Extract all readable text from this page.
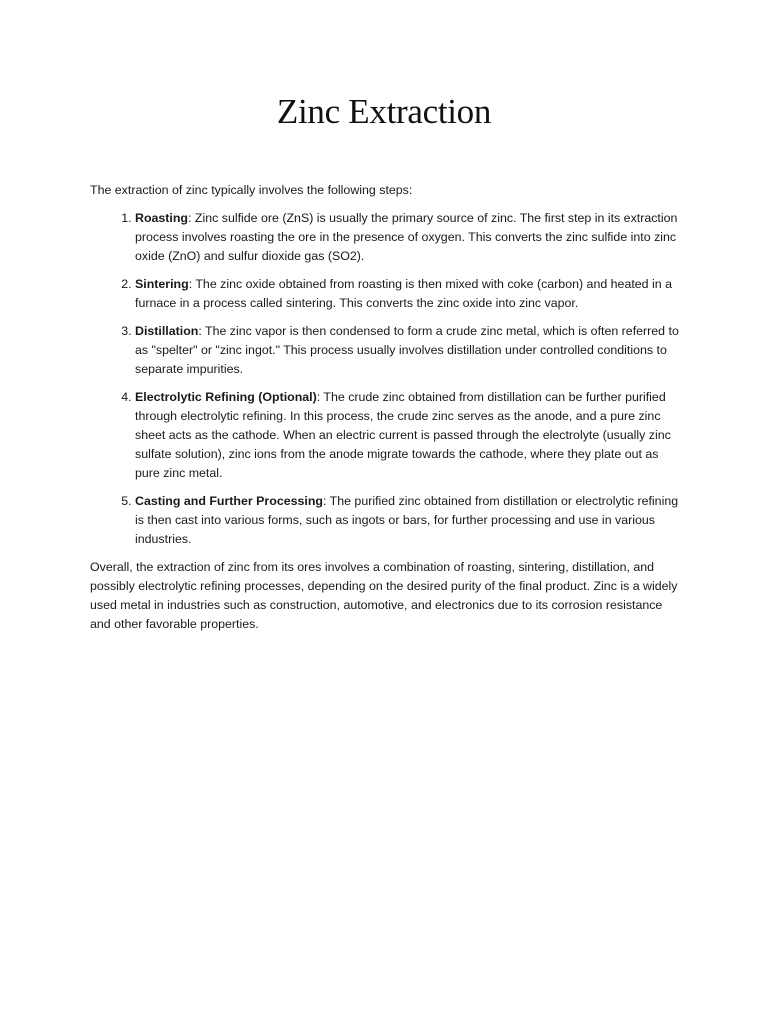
Zinc Extraction

The extraction of zinc typically involves the following steps:

1. Roasting: Zinc sulfide ore (ZnS) is usually the primary source of zinc. The first step in its extraction process involves roasting the ore in the presence of oxygen. This converts the zinc sulfide into zinc oxide (ZnO) and sulfur dioxide gas (SO2).
2. Sintering: The zinc oxide obtained from roasting is then mixed with coke (carbon) and heated in a furnace in a process called sintering. This converts the zinc oxide into zinc vapor.
3. Distillation: The zinc vapor is then condensed to form a crude zinc metal, which is often referred to as "spelter" or "zinc ingot." This process usually involves distillation under controlled conditions to separate impurities.
4. Electrolytic Refining (Optional): The crude zinc obtained from distillation can be further purified through electrolytic refining. In this process, the crude zinc serves as the anode, and a pure zinc sheet acts as the cathode. When an electric current is passed through the electrolyte (usually zinc sulfate solution), zinc ions from the anode migrate towards the cathode, where they plate out as pure zinc metal.
5. Casting and Further Processing: The purified zinc obtained from distillation or electrolytic refining is then cast into various forms, such as ingots or bars, for further processing and use in various industries.

Overall, the extraction of zinc from its ores involves a combination of roasting, sintering, distillation, and possibly electrolytic refining processes, depending on the desired purity of the final product. Zinc is a widely used metal in industries such as construction, automotive, and electronics due to its corrosion resistance and other favorable properties.
